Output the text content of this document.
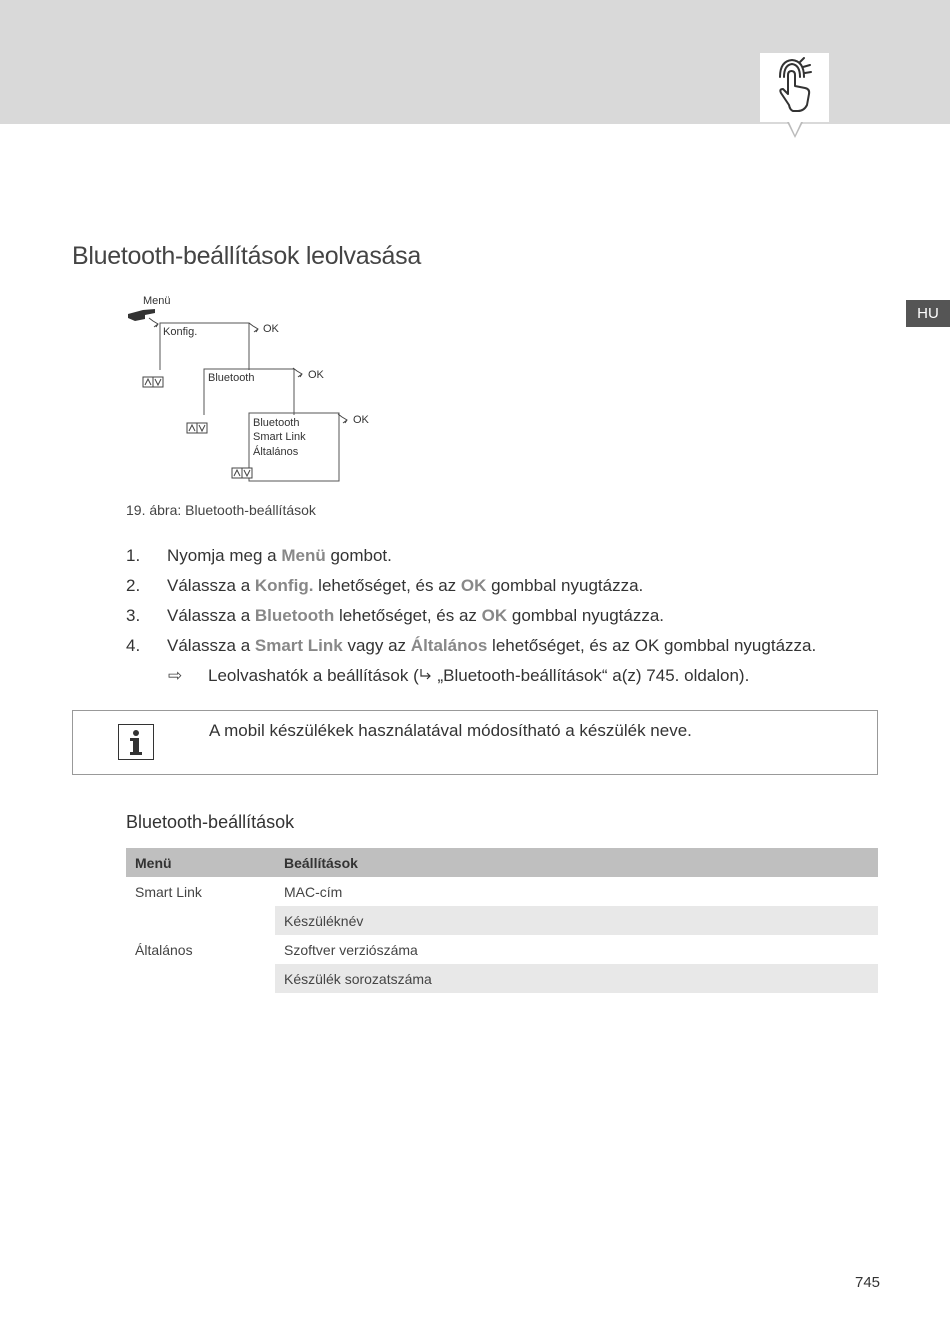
HU
Bluetooth-beállítások leolvasása
Menü
Konfig.	OK
Bluetooth	OK
Bluetooth
Smart Link
Általános
OK
19. ábra: Bluetooth-beállítások
1. Nyomja meg a Menü gombot.
2. Válassza a Konfig. lehetőséget, és az OK gombbal nyugtázza.
3. Válassza a Bluetooth lehetőséget, és az OK gombbal nyugtázza.
4. Válassza a Smart Link vagy az Általános lehetőséget, és az OK gombbal nyugtázza.
⇨ Leolvashatók a beállítások ( „Bluetooth-beállítások“ a(z) 745. oldalon).
A mobil készülékek használatával módosítható a készülék neve.
Bluetooth-beállítások
Menü	Beállítások
Smart Link	MAC-cím
	Készüléknév
Általános	Szoftver verziószáma
	Készülék sorozatszáma
745
